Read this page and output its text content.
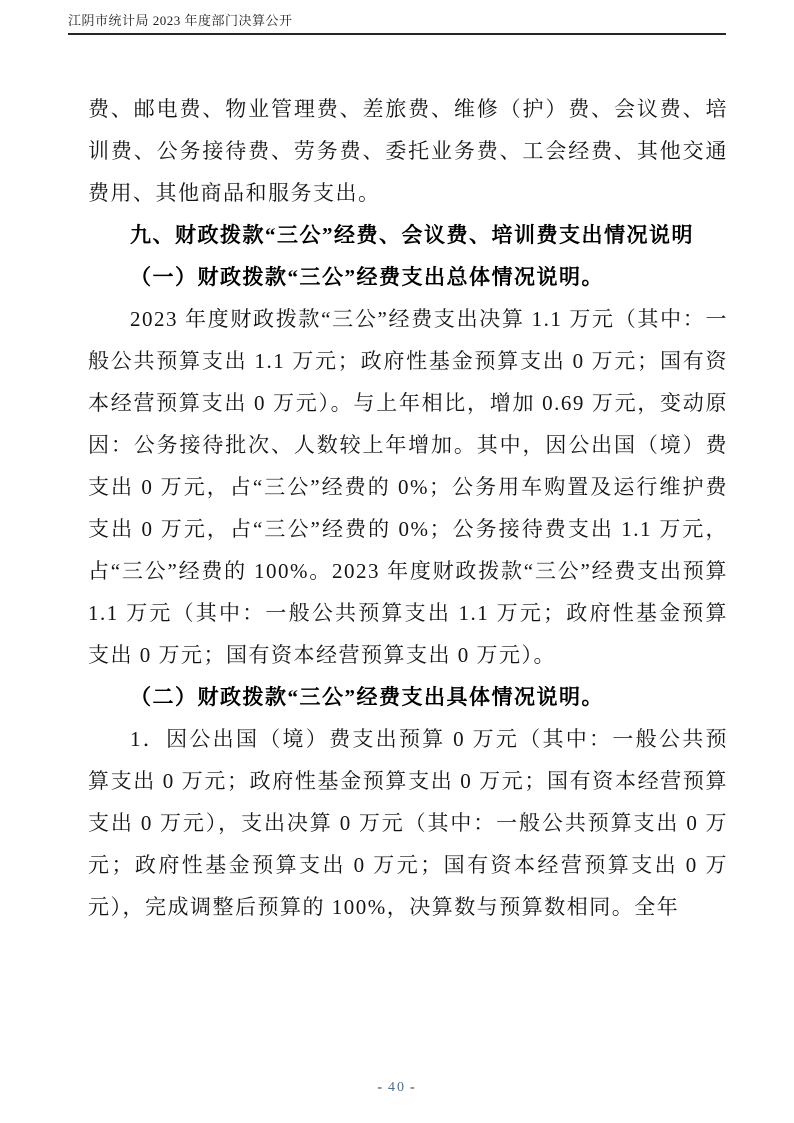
江阴市统计局 2023 年度部门决算公开

费、邮电费、物业管理费、差旅费、维修（护）费、会议费、培训费、公务接待费、劳务费、委托业务费、工会经费、其他交通费用、其他商品和服务支出。

九、财政拨款“三公”经费、会议费、培训费支出情况说明

（一）财政拨款“三公”经费支出总体情况说明。

2023 年度财政拨款“三公”经费支出决算 1.1 万元（其中：一般公共预算支出 1.1 万元；政府性基金预算支出 0 万元；国有资本经营预算支出 0 万元）。与上年相比，增加 0.69 万元，变动原因：公务接待批次、人数较上年增加。其中，因公出国（境）费支出 0 万元，占“三公”经费的 0%；公务用车购置及运行维护费支出 0 万元，占“三公”经费的 0%；公务接待费支出 1.1 万元，占“三公”经费的 100%。2023 年度财政拨款“三公”经费支出预算 1.1 万元（其中：一般公共预算支出 1.1 万元；政府性基金预算支出 0 万元；国有资本经营预算支出 0 万元）。

（二）财政拨款“三公”经费支出具体情况说明。

1．因公出国（境）费支出预算 0 万元（其中：一般公共预算支出 0 万元；政府性基金预算支出 0 万元；国有资本经营预算支出 0 万元），支出决算 0 万元（其中：一般公共预算支出 0 万元；政府性基金预算支出 0 万元；国有资本经营预算支出 0 万元），完成调整后预算的 100%，决算数与预算数相同。全年

- 40 -
